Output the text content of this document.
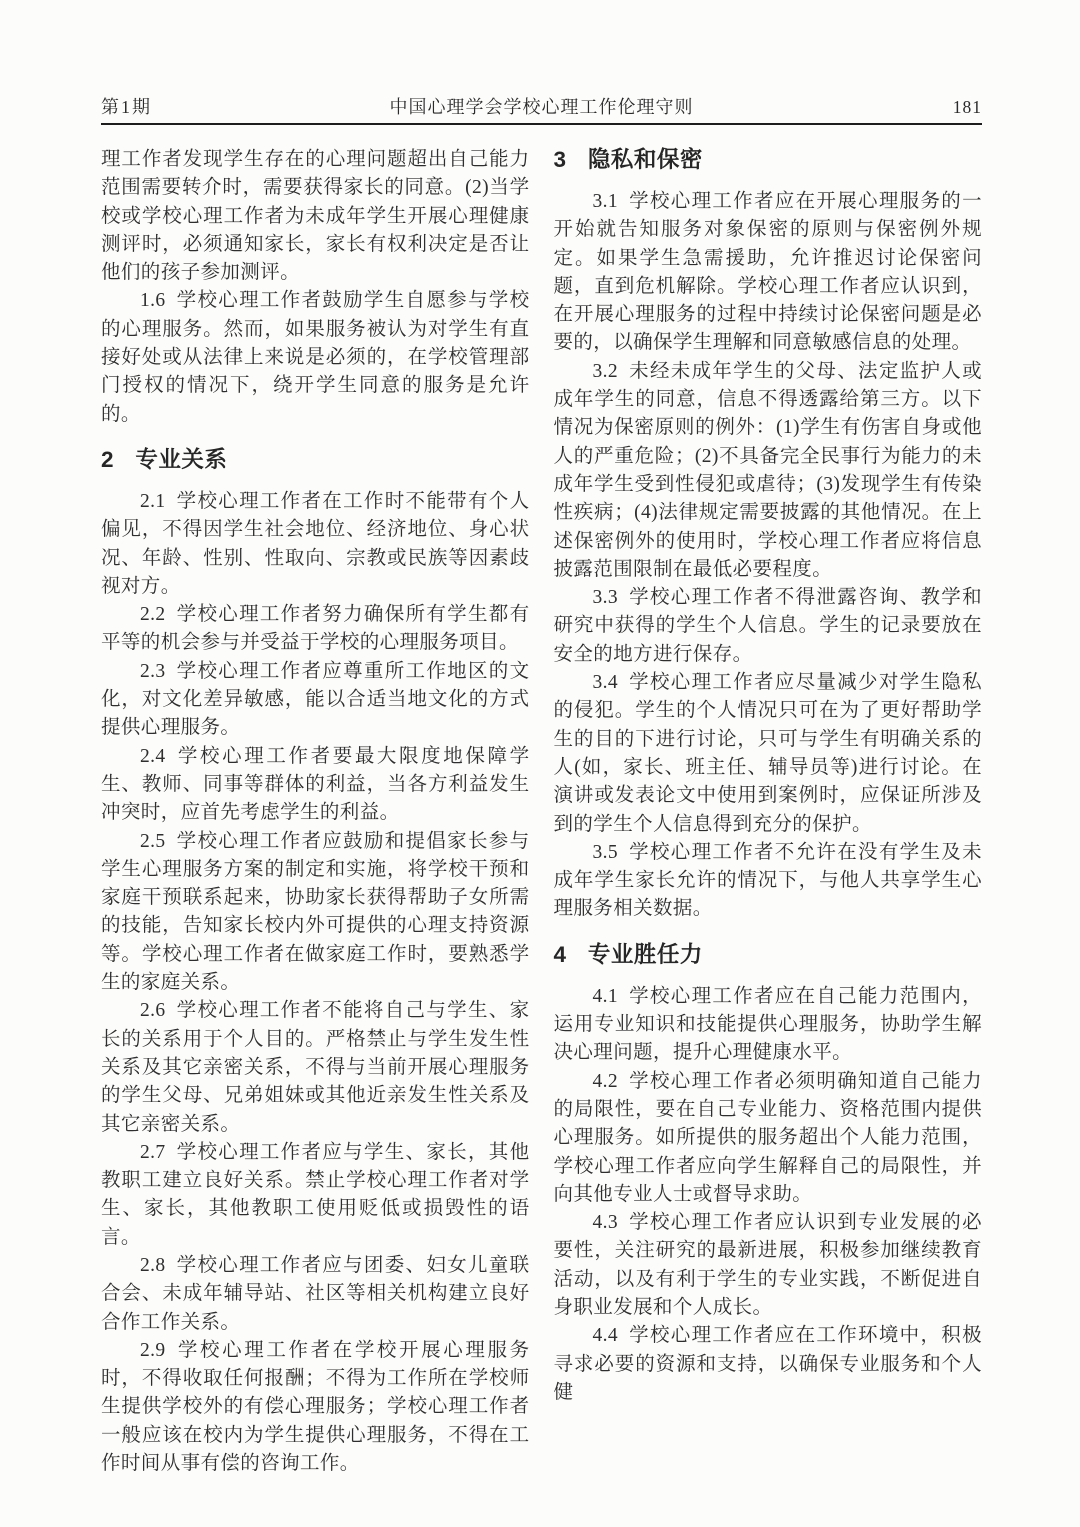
第1期	中国心理学会学校心理工作伦理守则	181

理工作者发现学生存在的心理问题超出自己能力范围需要转介时，需要获得家长的同意。(2)当学校或学校心理工作者为未成年学生开展心理健康测评时，必须通知家长，家长有权利决定是否让他们的孩子参加测评。

1.6 学校心理工作者鼓励学生自愿参与学校的心理服务。然而，如果服务被认为对学生有直接好处或从法律上来说是必须的，在学校管理部门授权的情况下，绕开学生同意的服务是允许的。

2 专业关系

2.1 学校心理工作者在工作时不能带有个人偏见，不得因学生社会地位、经济地位、身心状况、年龄、性别、性取向、宗教或民族等因素歧视对方。

2.2 学校心理工作者努力确保所有学生都有平等的机会参与并受益于学校的心理服务项目。

2.3 学校心理工作者应尊重所工作地区的文化，对文化差异敏感，能以合适当地文化的方式提供心理服务。

2.4 学校心理工作者要最大限度地保障学生、教师、同事等群体的利益，当各方利益发生冲突时，应首先考虑学生的利益。

2.5 学校心理工作者应鼓励和提倡家长参与学生心理服务方案的制定和实施，将学校干预和家庭干预联系起来，协助家长获得帮助子女所需的技能，告知家长校内外可提供的心理支持资源等。学校心理工作者在做家庭工作时，要熟悉学生的家庭关系。

2.6 学校心理工作者不能将自己与学生、家长的关系用于个人目的。严格禁止与学生发生性关系及其它亲密关系，不得与当前开展心理服务的学生父母、兄弟姐妹或其他近亲发生性关系及其它亲密关系。

2.7 学校心理工作者应与学生、家长，其他教职工建立良好关系。禁止学校心理工作者对学生、家长，其他教职工使用贬低或损毁性的语言。

2.8 学校心理工作者应与团委、妇女儿童联合会、未成年辅导站、社区等相关机构建立良好合作工作关系。

2.9 学校心理工作者在学校开展心理服务时，不得收取任何报酬；不得为工作所在学校师生提供学校外的有偿心理服务；学校心理工作者一般应该在校内为学生提供心理服务，不得在工作时间从事有偿的咨询工作。

3 隐私和保密

3.1 学校心理工作者应在开展心理服务的一开始就告知服务对象保密的原则与保密例外规定。如果学生急需援助，允许推迟讨论保密问题，直到危机解除。学校心理工作者应认识到，在开展心理服务的过程中持续讨论保密问题是必要的，以确保学生理解和同意敏感信息的处理。

3.2 未经未成年学生的父母、法定监护人或成年学生的同意，信息不得透露给第三方。以下情况为保密原则的例外：(1)学生有伤害自身或他人的严重危险；(2)不具备完全民事行为能力的未成年学生受到性侵犯或虐待；(3)发现学生有传染性疾病；(4)法律规定需要披露的其他情况。在上述保密例外的使用时，学校心理工作者应将信息披露范围限制在最低必要程度。

3.3 学校心理工作者不得泄露咨询、教学和研究中获得的学生个人信息。学生的记录要放在安全的地方进行保存。

3.4 学校心理工作者应尽量减少对学生隐私的侵犯。学生的个人情况只可在为了更好帮助学生的目的下进行讨论，只可与学生有明确关系的人(如，家长、班主任、辅导员等)进行讨论。在演讲或发表论文中使用到案例时，应保证所涉及到的学生个人信息得到充分的保护。

3.5 学校心理工作者不允许在没有学生及未成年学生家长允许的情况下，与他人共享学生心理服务相关数据。

4 专业胜任力

4.1 学校心理工作者应在自己能力范围内，运用专业知识和技能提供心理服务，协助学生解决心理问题，提升心理健康水平。

4.2 学校心理工作者必须明确知道自己能力的局限性，要在自己专业能力、资格范围内提供心理服务。如所提供的服务超出个人能力范围，学校心理工作者应向学生解释自己的局限性，并向其他专业人士或督导求助。

4.3 学校心理工作者应认识到专业发展的必要性，关注研究的最新进展，积极参加继续教育活动，以及有利于学生的专业实践，不断促进自身职业发展和个人成长。

4.4 学校心理工作者应在工作环境中，积极寻求必要的资源和支持，以确保专业服务和个人健
